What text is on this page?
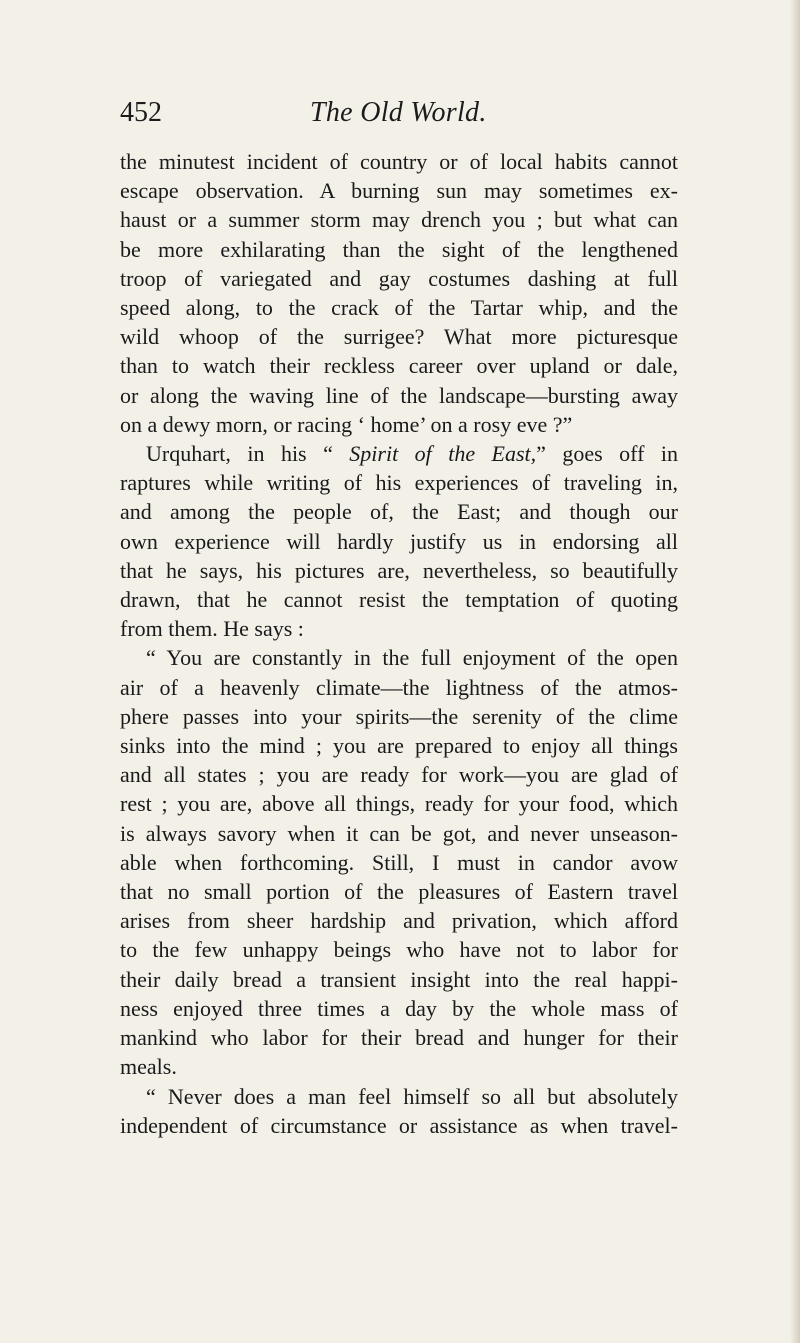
452	The Old World.
the minutest incident of country or of local habits cannot
escape observation. A burning sun may sometimes ex-
haust or a summer storm may drench you ; but what can
be more exhilarating than the sight of the lengthened
troop of variegated and gay costumes dashing at full
speed along, to the crack of the Tartar whip, and the
wild whoop of the surrigee? What more picturesque
than to watch their reckless career over upland or dale,
or along the waving line of the landscape—bursting away
on a dewy morn, or racing ‘ home’ on a rosy eve ?”
Urquhart, in his “ Spirit of the East,” goes off in
raptures while writing of his experiences of traveling in,
and among the people of, the East; and though our
own experience will hardly justify us in endorsing all
that he says, his pictures are, nevertheless, so beautifully
drawn, that he cannot resist the temptation of quoting
from them. He says :
“ You are constantly in the full enjoyment of the open
air of a heavenly climate—the lightness of the atmos-
phere passes into your spirits—the serenity of the clime
sinks into the mind ; you are prepared to enjoy all things
and all states ; you are ready for work—you are glad of
rest ; you are, above all things, ready for your food, which
is always savory when it can be got, and never unseason-
able when forthcoming. Still, I must in candor avow
that no small portion of the pleasures of Eastern travel
arises from sheer hardship and privation, which afford
to the few unhappy beings who have not to labor for
their daily bread a transient insight into the real happi-
ness enjoyed three times a day by the whole mass of
mankind who labor for their bread and hunger for their
meals.
“ Never does a man feel himself so all but absolutely
independent of circumstance or assistance as when travel-
